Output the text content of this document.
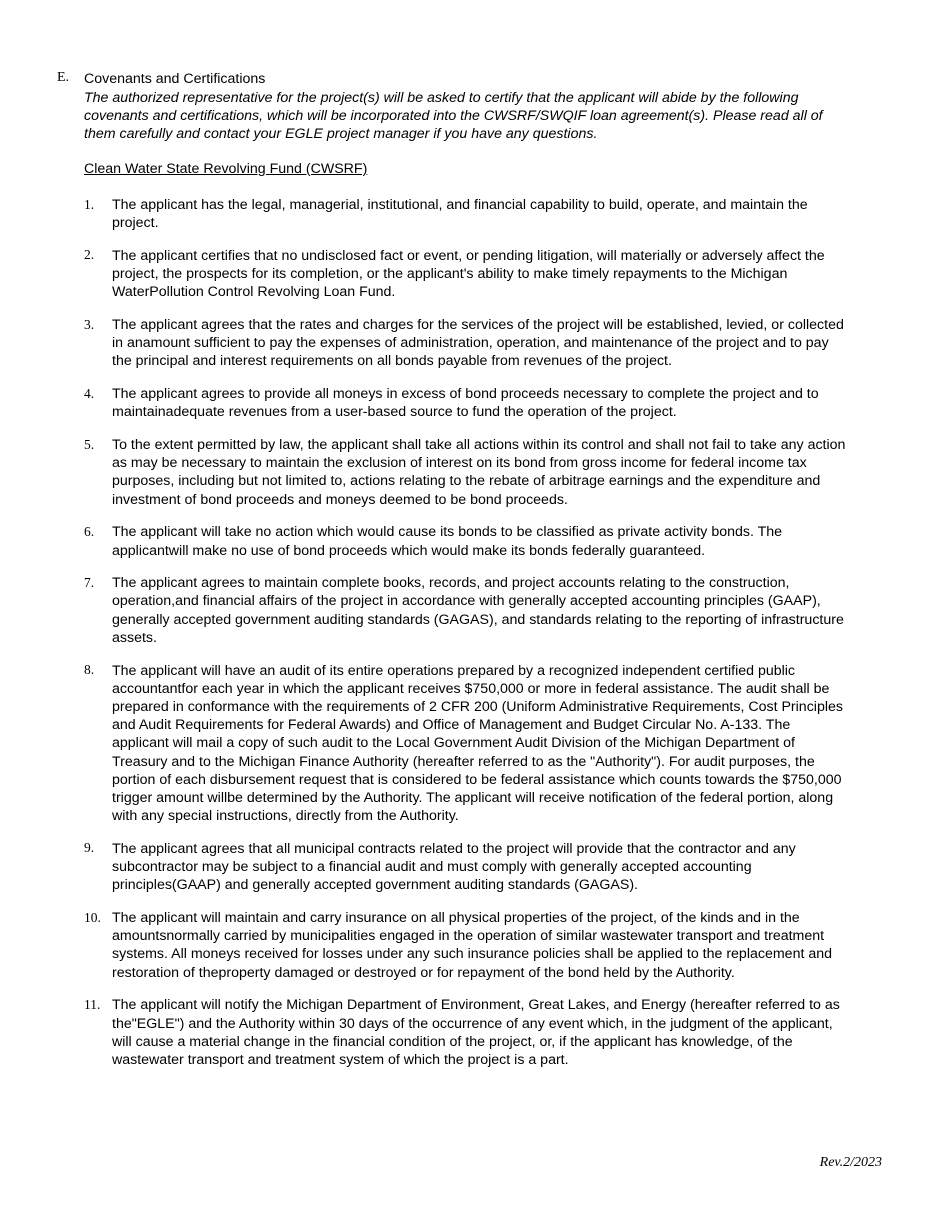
E. Covenants and Certifications
The authorized representative for the project(s) will be asked to certify that the applicant will abide by the following covenants and certifications, which will be incorporated into the CWSRF/SWQIF loan agreement(s). Please read all of them carefully and contact your EGLE project manager if you have any questions.
Clean Water State Revolving Fund (CWSRF)
1. The applicant has the legal, managerial, institutional, and financial capability to build, operate, and maintain the project.
2. The applicant certifies that no undisclosed fact or event, or pending litigation, will materially or adversely affect the project, the prospects for its completion, or the applicant's ability to make timely repayments to the Michigan WaterPollution Control Revolving Loan Fund.
3. The applicant agrees that the rates and charges for the services of the project will be established, levied, or collected in anamount sufficient to pay the expenses of administration, operation, and maintenance of the project and to pay the principal and interest requirements on all bonds payable from revenues of the project.
4. The applicant agrees to provide all moneys in excess of bond proceeds necessary to complete the project and to maintainadequate revenues from a user-based source to fund the operation of the project.
5. To the extent permitted by law, the applicant shall take all actions within its control and shall not fail to take any action as may be necessary to maintain the exclusion of interest on its bond from gross income for federal income tax purposes, including but not limited to, actions relating to the rebate of arbitrage earnings and the expenditure and investment of bond proceeds and moneys deemed to be bond proceeds.
6. The applicant will take no action which would cause its bonds to be classified as private activity bonds. The applicantwill make no use of bond proceeds which would make its bonds federally guaranteed.
7. The applicant agrees to maintain complete books, records, and project accounts relating to the construction, operation,and financial affairs of the project in accordance with generally accepted accounting principles (GAAP), generally accepted government auditing standards (GAGAS), and standards relating to the reporting of infrastructure assets.
8. The applicant will have an audit of its entire operations prepared by a recognized independent certified public accountantfor each year in which the applicant receives $750,000 or more in federal assistance. The audit shall be prepared in conformance with the requirements of 2 CFR 200 (Uniform Administrative Requirements, Cost Principles and Audit Requirements for Federal Awards) and Office of Management and Budget Circular No. A-133. The applicant will mail a copy of such audit to the Local Government Audit Division of the Michigan Department of Treasury and to the Michigan Finance Authority (hereafter referred to as the "Authority"). For audit purposes, the portion of each disbursement request that is considered to be federal assistance which counts towards the $750,000 trigger amount willbe determined by the Authority. The applicant will receive notification of the federal portion, along with any special instructions, directly from the Authority.
9. The applicant agrees that all municipal contracts related to the project will provide that the contractor and any subcontractor may be subject to a financial audit and must comply with generally accepted accounting principles(GAAP) and generally accepted government auditing standards (GAGAS).
10. The applicant will maintain and carry insurance on all physical properties of the project, of the kinds and in the amountsnormally carried by municipalities engaged in the operation of similar wastewater transport and treatment systems. All moneys received for losses under any such insurance policies shall be applied to the replacement and restoration of theproperty damaged or destroyed or for repayment of the bond held by the Authority.
11. The applicant will notify the Michigan Department of Environment, Great Lakes, and Energy (hereafter referred to as the"EGLE") and the Authority within 30 days of the occurrence of any event which, in the judgment of the applicant, will cause a material change in the financial condition of the project, or, if the applicant has knowledge, of the wastewater transport and treatment system of which the project is a part.
Rev.2/2023
